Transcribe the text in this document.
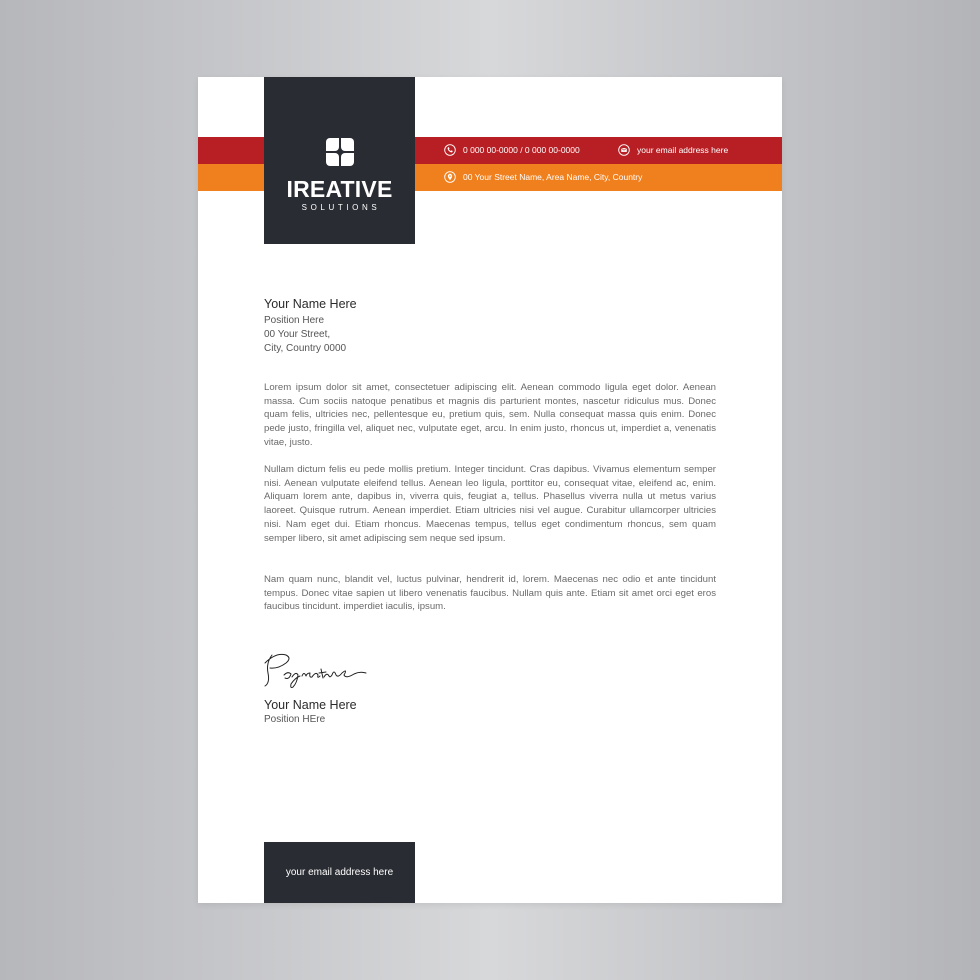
IREATIVE
SOLUTIONS
0 000 00-0000 / 0 000 00-0000	your email address here
00 Your Street Name, Area Name, City, Country
Your Name Here
Position Here
00 Your Street,
City, Country 0000
Lorem ipsum dolor sit amet, consectetuer adipiscing elit. Aenean commodo ligula eget dolor. Aenean massa. Cum sociis natoque penatibus et magnis dis parturient montes, nascetur ridiculus mus. Donec quam felis, ultricies nec, pellentesque eu, pretium quis, sem. Nulla consequat massa quis enim. Donec pede justo, fringilla vel, aliquet nec, vulputate eget, arcu. In enim justo, rhoncus ut, imperdiet a, venenatis vitae, justo.
Nullam dictum felis eu pede mollis pretium. Integer tincidunt. Cras dapibus. Vivamus elementum semper nisi. Aenean vulputate eleifend tellus. Aenean leo ligula, porttitor eu, consequat vitae, eleifend ac, enim. Aliquam lorem ante, dapibus in, viverra quis, feugiat a, tellus. Phasellus viverra nulla ut metus varius laoreet. Quisque rutrum. Aenean imperdiet. Etiam ultricies nisi vel augue. Curabitur ullamcorper ultricies nisi. Nam eget dui. Etiam rhoncus. Maecenas tempus, tellus eget condimentum rhoncus, sem quam semper libero, sit amet adipiscing sem neque sed ipsum.
Nam quam nunc, blandit vel, luctus pulvinar, hendrerit id, lorem. Maecenas nec odio et ante tincidunt tempus. Donec vitae sapien ut libero venenatis faucibus. Nullam quis ante. Etiam sit amet orci eget eros faucibus tincidunt. imperdiet iaculis, ipsum.
Your Name Here
Position HEre
your email address here
